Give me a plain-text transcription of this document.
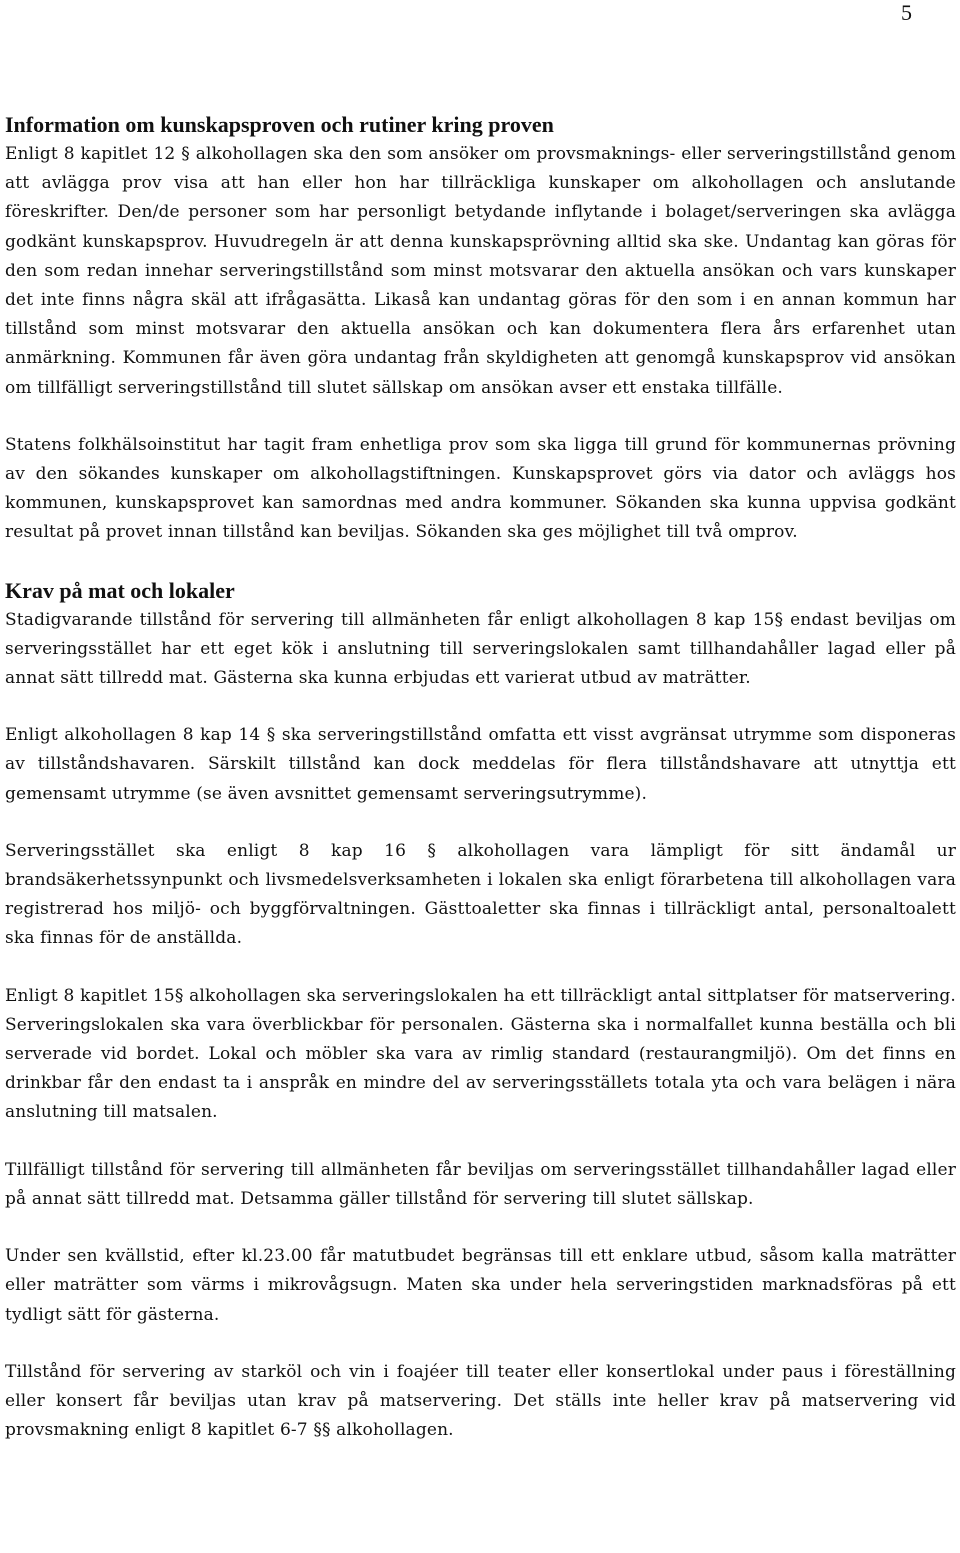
5
Information om kunskapsproven och rutiner kring proven

Enligt 8 kapitlet 12 § alkohollagen ska den som ansöker om provsmaknings- eller serveringstillstånd genom att avlägga prov visa att han eller hon har tillräckliga kunskaper om alkohollagen och anslutande föreskrifter. Den/de personer som har personligt betydande inflytande i bolaget/serveringen ska avlägga godkänt kunskapsprov. Huvudregeln är att denna kunskapsprövning alltid ska ske. Undantag kan göras för den som redan innehar serveringstillstånd som minst motsvarar den aktuella ansökan och vars kunskaper det inte finns några skäl att ifrågasätta. Likaså kan undantag göras för den som i en annan kommun har tillstånd som minst motsvarar den aktuella ansökan och kan dokumentera flera års erfarenhet utan anmärkning. Kommunen får även göra undantag från skyldigheten att genomgå kunskapsprov vid ansökan om tillfälligt serveringstillstånd till slutet sällskap om ansökan avser ett enstaka tillfälle.

Statens folkhälsoinstitut har tagit fram enhetliga prov som ska ligga till grund för kommunernas prövning av den sökandes kunskaper om alkohollagstiftningen. Kunskapsprovet görs via dator och avläggs hos kommunen, kunskapsprovet kan samordnas med andra kommuner. Sökanden ska kunna uppvisa godkänt resultat på provet innan tillstånd kan beviljas. Sökanden ska ges möjlighet till två omprov.

Krav på mat och lokaler

Stadigvarande tillstånd för servering till allmänheten får enligt alkohollagen 8 kap 15§ endast beviljas om serveringsstället har ett eget kök i anslutning till serveringslokalen samt tillhandahåller lagad eller på annat sätt tillredd mat. Gästerna ska kunna erbjudas ett varierat utbud av maträtter.

Enligt alkohollagen 8 kap 14 § ska serveringstillstånd omfatta ett visst avgränsat utrymme som disponeras av tillståndshavaren. Särskilt tillstånd kan dock meddelas för flera tillståndshavare att utnyttja ett gemensamt utrymme (se även avsnittet gemensamt serveringsutrymme).

Serveringsstället ska enligt 8 kap 16 § alkohollagen vara lämpligt för sitt ändamål ur brandsäkerhetssynpunkt och livsmedelsverksamheten i lokalen ska enligt förarbetena till alkohollagen vara registrerad hos miljö- och byggförvaltningen. Gästtoaletter ska finnas i tillräckligt antal, personaltoalett ska finnas för de anställda.

Enligt 8 kapitlet 15§ alkohollagen ska serveringslokalen ha ett tillräckligt antal sittplatser för matservering. Serveringslokalen ska vara överblickbar för personalen. Gästerna ska i normalfallet kunna beställa och bli serverade vid bordet. Lokal och möbler ska vara av rimlig standard (restaurangmiljö). Om det finns en drinkbar får den endast ta i anspråk en mindre del av serveringsställets totala yta och vara belägen i nära anslutning till matsalen.

Tillfälligt tillstånd för servering till allmänheten får beviljas om serveringsstället tillhandahåller lagad eller på annat sätt tillredd mat. Detsamma gäller tillstånd för servering till slutet sällskap.

Under sen kvällstid, efter kl.23.00 får matutbudet begränsas till ett enklare utbud, såsom kalla maträtter eller maträtter som värms i mikrovågsugn. Maten ska under hela serveringstiden marknadsföras på ett tydligt sätt för gästerna.

Tillstånd för servering av starköl och vin i foajéer till teater eller konsertlokal under paus i föreställning eller konsert får beviljas utan krav på matservering. Det ställs inte heller krav på matservering vid provsmakning enligt 8 kapitlet 6-7 §§ alkohollagen.
